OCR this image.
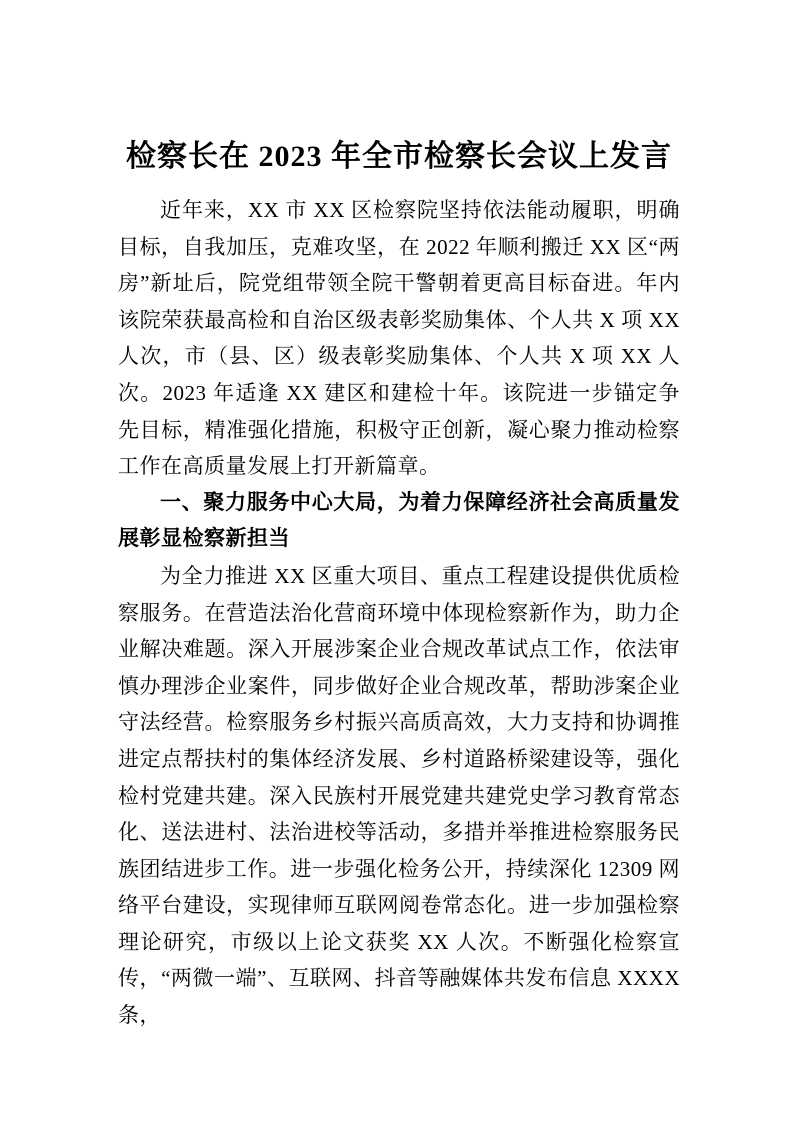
检察长在 2023 年全市检察长会议上发言

近年来，XX 市 XX 区检察院坚持依法能动履职，明确目标，自我加压，克难攻坚，在 2022 年顺利搬迁 XX 区“两房”新址后，院党组带领全院干警朝着更高目标奋进。年内该院荣获最高检和自治区级表彰奖励集体、个人共 X 项 XX 人次，市（县、区）级表彰奖励集体、个人共 X 项 XX 人次。2023 年适逢 XX 建区和建检十年。该院进一步锚定争先目标，精准强化措施，积极守正创新，凝心聚力推动检察工作在高质量发展上打开新篇章。

一、聚力服务中心大局，为着力保障经济社会高质量发展彰显检察新担当

为全力推进 XX 区重大项目、重点工程建设提供优质检察服务。在营造法治化营商环境中体现检察新作为，助力企业解决难题。深入开展涉案企业合规改革试点工作，依法审慎办理涉企业案件，同步做好企业合规改革，帮助涉案企业守法经营。检察服务乡村振兴高质高效，大力支持和协调推进定点帮扶村的集体经济发展、乡村道路桥梁建设等，强化检村党建共建。深入民族村开展党建共建党史学习教育常态化、送法进村、法治进校等活动，多措并举推进检察服务民族团结进步工作。进一步强化检务公开，持续深化 12309 网络平台建设，实现律师互联网阅卷常态化。进一步加强检察理论研究，市级以上论文获奖 XX 人次。不断强化检察宣传，“两微一端”、互联网、抖音等融媒体共发布信息 XXXX 条，
